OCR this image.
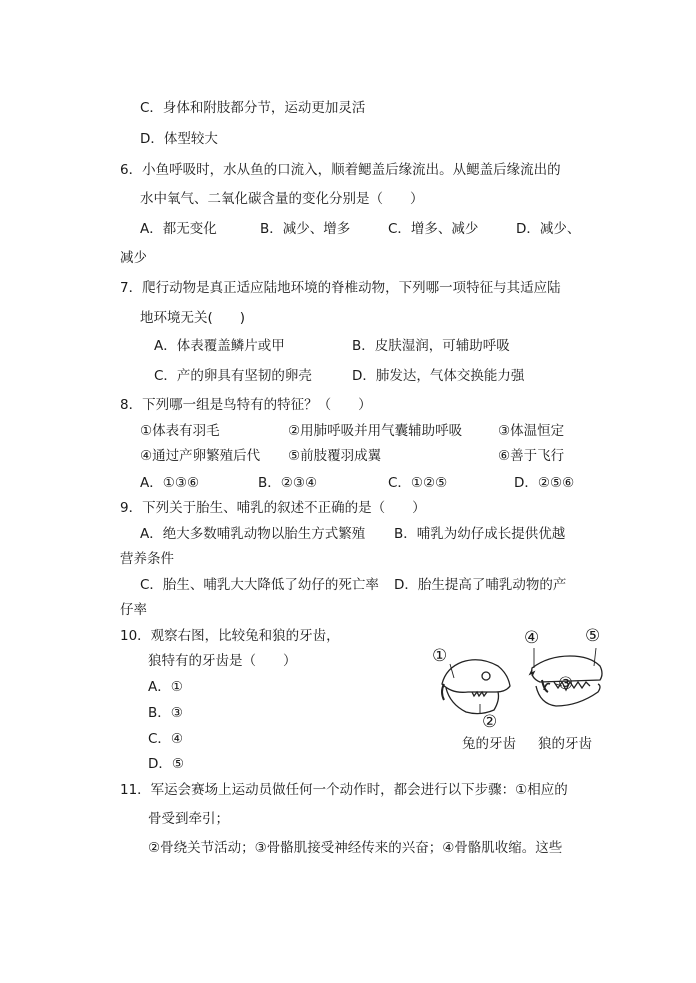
C．身体和附肢都分节，运动更加灵活
D．体型较大
6．小鱼呼吸时，水从鱼的口流入，顺着鳃盖后缘流出。从鳃盖后缘流出的
水中氧气、二氧化碳含量的变化分别是（　　）
A．都无变化	B．减少、增多	C．增多、减少	D．减少、
减少
7．爬行动物是真正适应陆地环境的脊椎动物，下列哪一项特征与其适应陆
地环境无关(　　)
A．体表覆盖鳞片或甲	B．皮肤湿润，可辅助呼吸
C．产的卵具有坚韧的卵壳	D．肺发达，气体交换能力强
8．下列哪一组是鸟特有的特征？（　　）
①体表有羽毛	②用肺呼吸并用气囊辅助呼吸	③体温恒定
④通过产卵繁殖后代 ⑤前肢覆羽成翼	⑥善于飞行
A．①③⑥	B．②③④	C．①②⑤	D．②⑤⑥
9．下列关于胎生、哺乳的叙述不正确的是（　　）
A．绝大多数哺乳动物以胎生方式繁殖 B．哺乳为幼仔成长提供优越
营养条件
C．胎生、哺乳大大降低了幼仔的死亡率 D．胎生提高了哺乳动物的产
仔率
10．观察右图，比较兔和狼的牙齿，
狼特有的牙齿是（　　）
A．①
B．③
C．④
D．⑤
①
②
③
④	⑤
兔的牙齿 狼的牙齿
11．军运会赛场上运动员做任何一个动作时，都会进行以下步骤：①相应的
骨受到牵引；
②骨绕关节活动；③骨骼肌接受神经传来的兴奋；④骨骼肌收缩。这些
